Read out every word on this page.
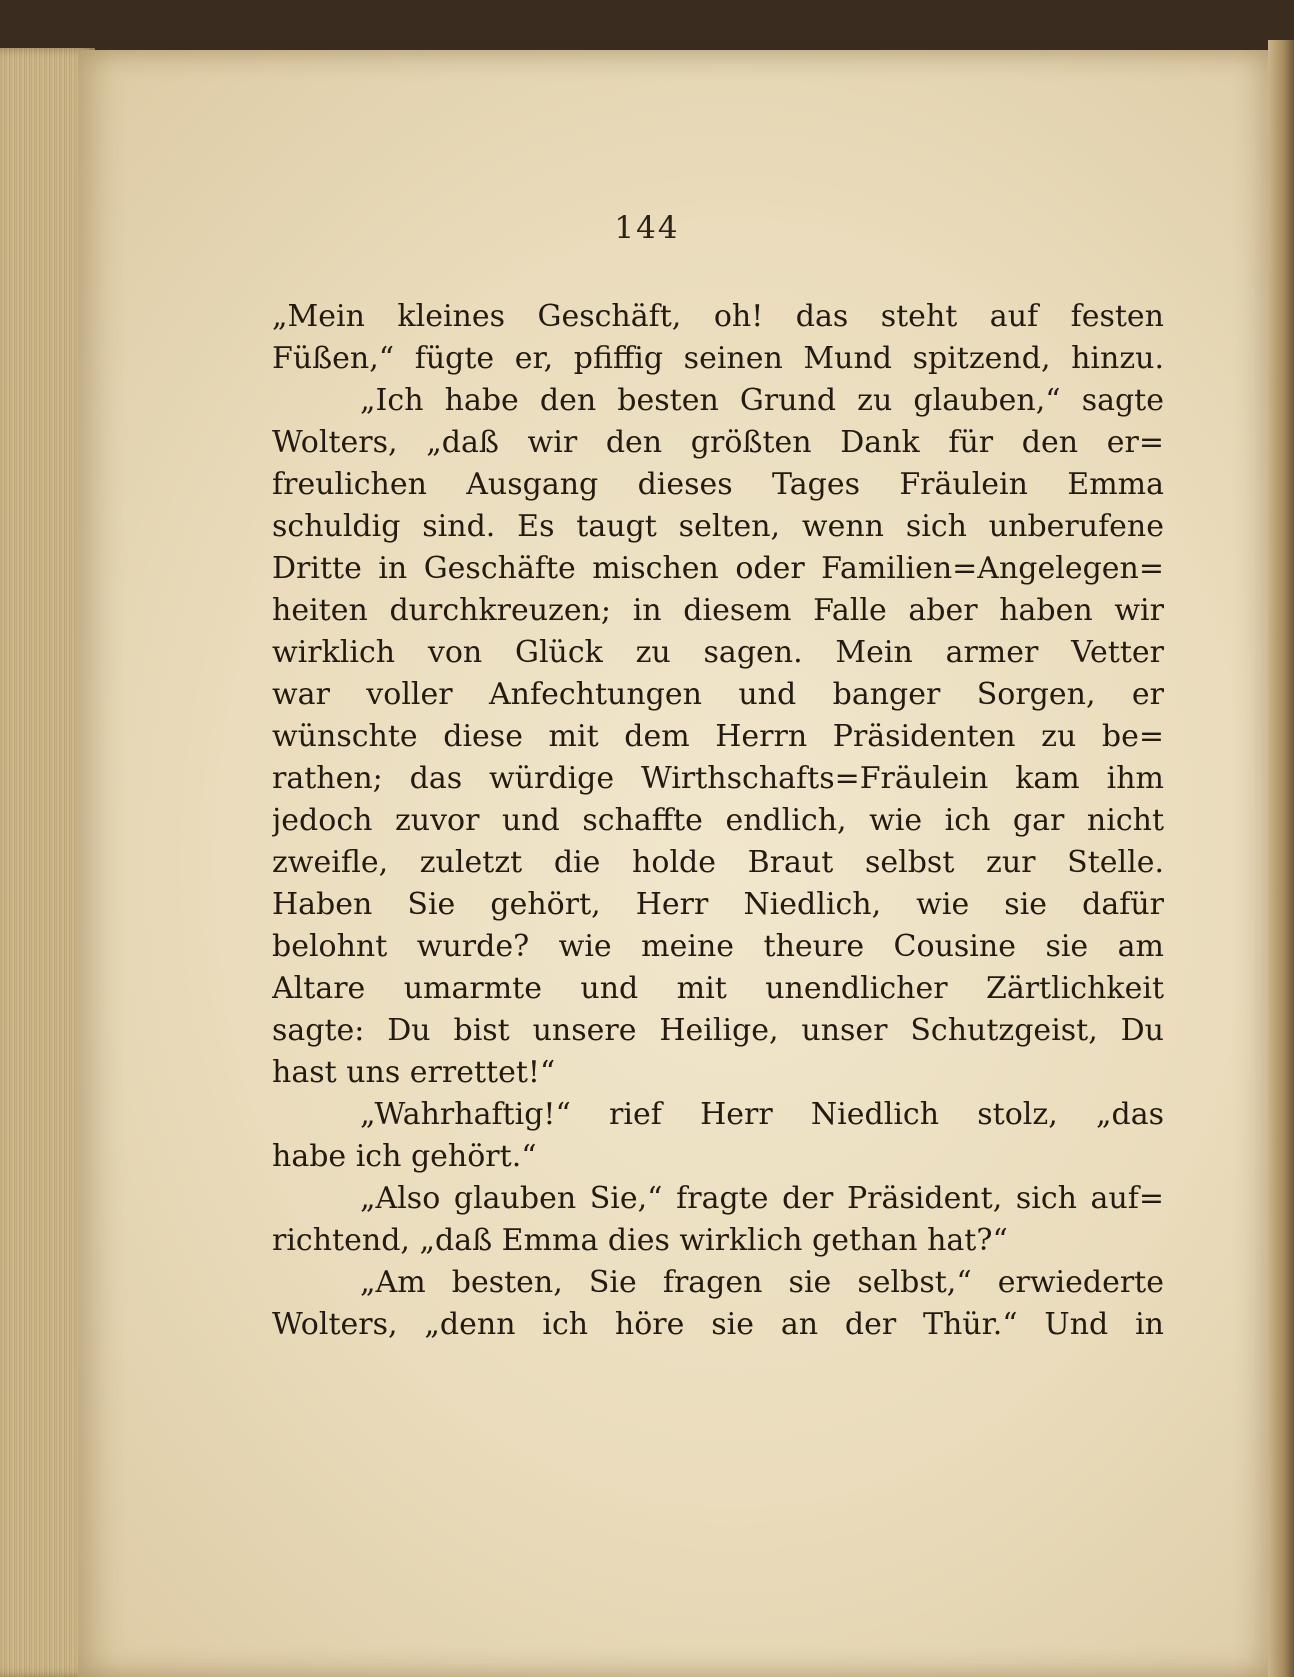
144
„Mein kleines Geschäft, oh! das steht auf festen
Füßen,“ fügte er, pfiffig seinen Mund spitzend, hinzu.
„Ich habe den besten Grund zu glauben,“ sagte
Wolters, „daß wir den größten Dank für den er=
freulichen Ausgang dieses Tages Fräulein Emma
schuldig sind. Es taugt selten, wenn sich unberufene
Dritte in Geschäfte mischen oder Familien=Angelegen=
heiten durchkreuzen; in diesem Falle aber haben wir
wirklich von Glück zu sagen. Mein armer Vetter
war voller Anfechtungen und banger Sorgen, er
wünschte diese mit dem Herrn Präsidenten zu be=
rathen; das würdige Wirthschafts=Fräulein kam ihm
jedoch zuvor und schaffte endlich, wie ich gar nicht
zweifle, zuletzt die holde Braut selbst zur Stelle.
Haben Sie gehört, Herr Niedlich, wie sie dafür
belohnt wurde? wie meine theure Cousine sie am
Altare umarmte und mit unendlicher Zärtlichkeit
sagte: Du bist unsere Heilige, unser Schutzgeist, Du
hast uns errettet!“
„Wahrhaftig!“ rief Herr Niedlich stolz, „das
habe ich gehört.“
„Also glauben Sie,“ fragte der Präsident, sich auf=
richtend, „daß Emma dies wirklich gethan hat?“
„Am besten, Sie fragen sie selbst,“ erwiederte
Wolters, „denn ich höre sie an der Thür.“ Und in
